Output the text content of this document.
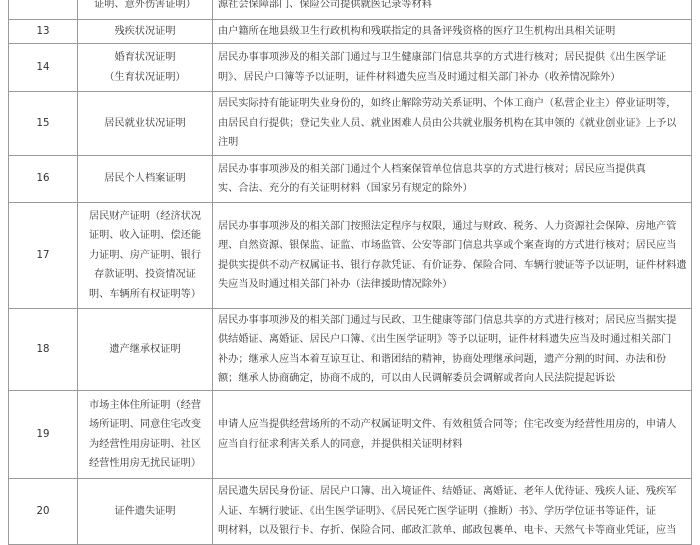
	证明、意外伤害证明）	源社会保障部门、保险公司提供就医记录等材料

13	残疾状况证明	由户籍所在地县级卫生行政机构和残联指定的具备评残资格的医疗卫生机构出具相关证明

14	婚育状况证明
（生育状况证明）	居民办事事项涉及的相关部门通过与卫生健康部门信息共享的方式进行核对；居民提供《出生医学证
明》、居民户口簿等予以证明，证件材料遗失应当及时通过相关部门补办（收养情况除外）

15	居民就业状况证明	居民实际持有能证明失业身份的，如终止解除劳动关系证明、个体工商户（私营企业主）停业证明等，
由居民自行提供；登记失业人员、就业困难人员由公共就业服务机构在其申领的《就业创业证》上予以
注明

16	居民个人档案证明	居民办事事项涉及的相关部门通过个人档案保管单位信息共享的方式进行核对；居民应当提供真
实、合法、充分的有关证明材料（国家另有规定的除外）

17	居民财产证明（经济状况
证明、收入证明、偿还能
力证明、房产证明、银行
存款证明、投资情况证
明、车辆所有权证明等）	居民办事事项涉及的相关部门按照法定程序与权限，通过与财政、税务、人力资源社会保障、房地产管
理、自然资源、银保监、证监、市场监管、公安等部门信息共享或个案查询的方式进行核对；居民应当
提供实提供不动产权属证书、银行存款凭证、有价证券、保险合同、车辆行驶证等予以证明，证件材料遗
失应当及时通过相关部门补办（法律援助情况除外）

18	遗产继承权证明	居民办事事项涉及的相关部门通过与民政、卫生健康等部门信息共享的方式进行核对；居民应当据实提
供结婚证、离婚证、居民户口簿、《出生医学证明》等予以证明，证件材料遗失应当及时通过相关部门
补办；继承人应当本着互谅互让、和谐团结的精神，协商处理继承问题，遗产分割的时间、办法和份
额；继承人协商确定，协商不成的，可以由人民调解委员会调解或者向人民法院提起诉讼

19	市场主体住所证明（经营
场所证明、同意住宅改变
为经营性用房证明、社区
经营性用房无扰民证明）	申请人应当提供经营场所的不动产权属证明文件、有效租赁合同等；住宅改变为经营性用房的，申请人
应当自行征求利害关系人的同意，并提供相关证明材料

20	证件遗失证明	居民遗失居民身份证、居民户口簿、出入境证件、结婚证、离婚证、老年人优待证、残疾人证、残疾军
人证、车辆行驶证、《出生医学证明》、《居民死亡医学证明（推断）书》、学历学位证书等证件，证
明材料，以及银行卡、存折、保险合同、邮政汇款单、邮政包裹单、电卡、天然气卡等商业凭证，应当
